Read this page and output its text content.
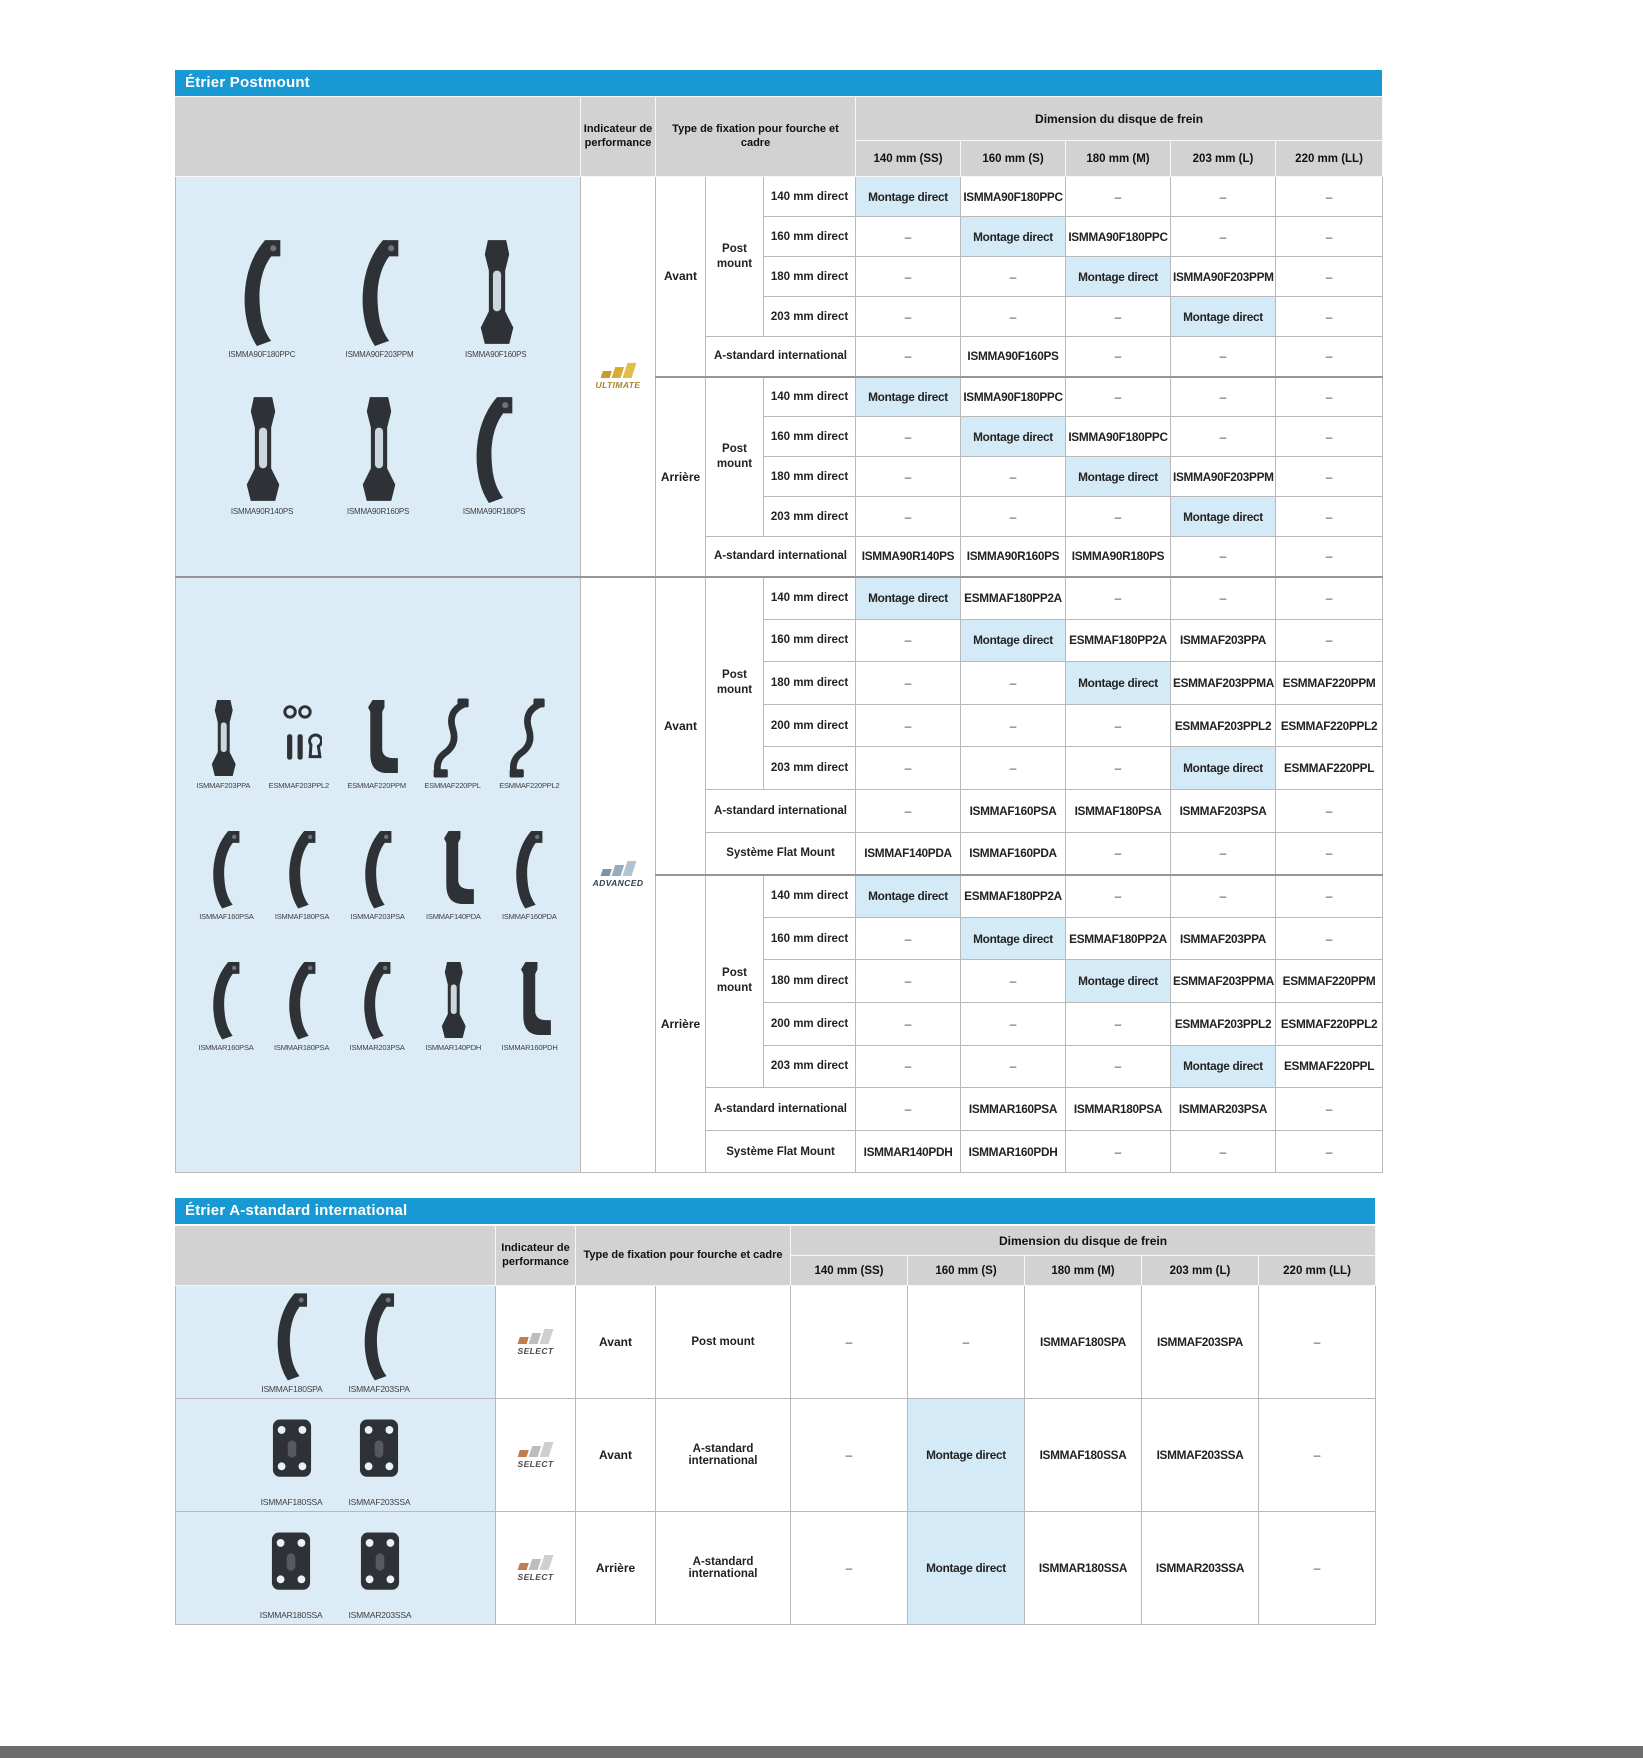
Étrier Postmount
	Indicateur de performance	Type de fixation pour fourche et cadre			Dimension du disque de frein				
					140 mm (SS)	160 mm (S)	180 mm (M)	203 mm (L)	220 mm (LL)

ISMMA90F180PPC	ISMMA90F203PPM	ISMMA90F160PS
ISMMA90R140PS	ISMMA90R160PS	ISMMA90R180PS

ULTIMATE
	Avant	Post mount	140 mm direct	Montage direct	ISMMA90F180PPC	–	–	–
				160 mm direct	–	Montage direct	ISMMA90F180PPC	–	–
				180 mm direct	–	–	Montage direct	ISMMA90F203PPM	–
				203 mm direct	–	–	–	Montage direct	–
			A-standard international		–	ISMMA90F160PS	–	–	–
		Arrière	Post mount	140 mm direct	Montage direct	ISMMA90F180PPC	–	–	–
				160 mm direct	–	Montage direct	ISMMA90F180PPC	–	–
				180 mm direct	–	–	Montage direct	ISMMA90F203PPM	–
				203 mm direct	–	–	–	Montage direct	–
			A-standard international		ISMMA90R140PS	ISMMA90R160PS	ISMMA90R180PS	–	–

ISMMAF203PPA ESMMAF203PPL2 ESMMAF220PPM ESMMAF220PPL ESMMAF220PPL2
ISMMAF160PSA	ISMMAF180PSA	ISMMAF203PSA	ISMMAF140PDA	ISMMAF160PDA
ISMMAR160PSA	ISMMAR180PSA	ISMMAR203PSA	ISMMAR140PDH	ISMMAR160PDH

ADVANCED
	Avant	Post mount	140 mm direct	Montage direct	ESMMAF180PP2A	–	–	–
				160 mm direct	–	Montage direct	ESMMAF180PP2A	ISMMAF203PPA	–
				180 mm direct	–	–	Montage direct	ESMMAF203PPMA	ESMMAF220PPM
				200 mm direct	–	–	–	ESMMAF203PPL2	ESMMAF220PPL2
				203 mm direct	–	–	–	Montage direct	ESMMAF220PPL
			A-standard international		–	ISMMAF160PSA	ISMMAF180PSA	ISMMAF203PSA	–
			Système Flat Mount		ISMMAF140PDA	ISMMAF160PDA	–	–	–
		Arrière	Post mount	140 mm direct	Montage direct	ESMMAF180PP2A	–	–	–
				160 mm direct	–	Montage direct	ESMMAF180PP2A	ISMMAF203PPA	–
				180 mm direct	–	–	Montage direct	ESMMAF203PPMA	ESMMAF220PPM
				200 mm direct	–	–	–	ESMMAF203PPL2	ESMMAF220PPL2
				203 mm direct	–	–	–	Montage direct	ESMMAF220PPL
			A-standard international		–	ISMMAR160PSA	ISMMAR180PSA	ISMMAR203PSA	–
			Système Flat Mount		ISMMAR140PDH	ISMMAR160PDH	–	–	–
Étrier A-standard international
	Indicateur de performance	Type de fixation pour fourche et cadre		Dimension du disque de frein				
				140 mm (SS)	160 mm (S)	180 mm (M)	203 mm (L)	220 mm (LL)

ISMMAF180SPA ISMMAF203SPA	SELECT	Avant	Post mount	–	–	ISMMAF180SPA	ISMMAF203SPA	–

ISMMAF180SSA ISMMAF203SSA	SELECT	Avant	A-standard international	–	Montage direct	ISMMAF180SSA	ISMMAF203SSA	–

ISMMAR180SSA ISMMAR203SSA	SELECT	Arrière	A-standard international	–	Montage direct	ISMMAR180SSA	ISMMAR203SSA	–
